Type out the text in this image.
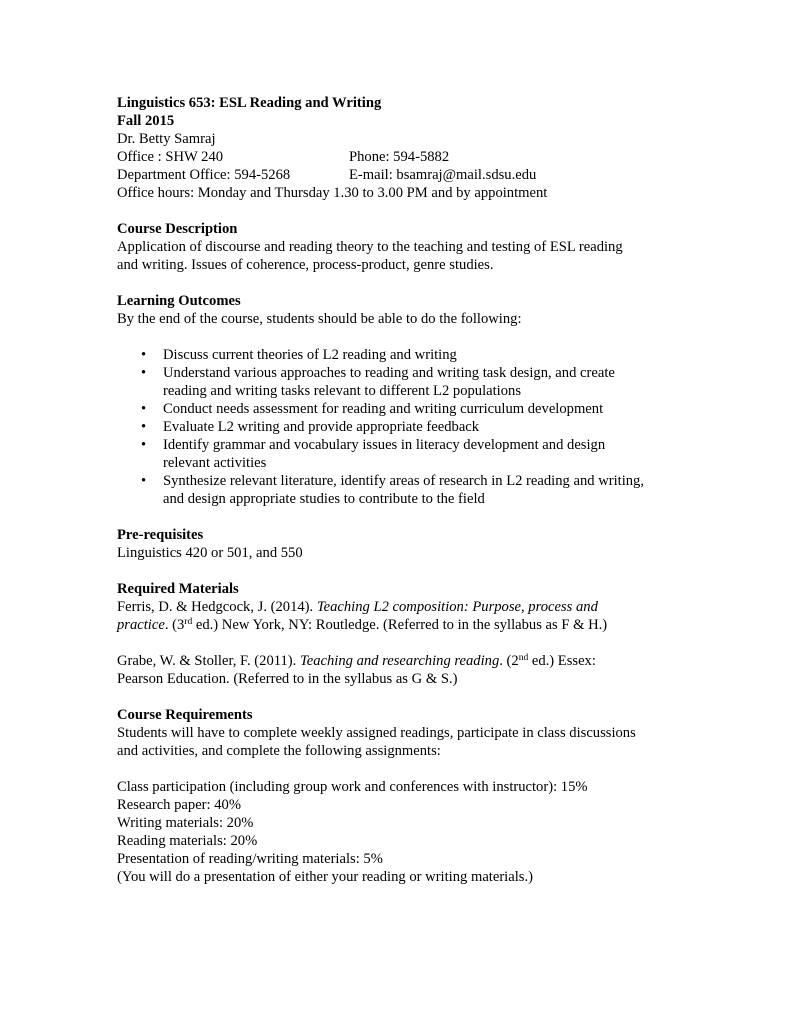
Linguistics 653: ESL Reading and Writing
Fall 2015
Dr. Betty Samraj
Office : SHW 240	Phone: 594-5882
Department Office: 594-5268	E-mail: bsamraj@mail.sdsu.edu
Office hours: Monday and Thursday 1.30 to 3.00 PM and by appointment
Course Description
Application of discourse and reading theory to the teaching and testing of ESL reading
and writing. Issues of coherence, process-product, genre studies.
Learning Outcomes
By the end of the course, students should be able to do the following:
• Discuss current theories of L2 reading and writing
• Understand various approaches to reading and writing task design, and create
reading and writing tasks relevant to different L2 populations
• Conduct needs assessment for reading and writing curriculum development
• Evaluate L2 writing and provide appropriate feedback
• Identify grammar and vocabulary issues in literacy development and design
relevant activities
• Synthesize relevant literature, identify areas of research in L2 reading and writing,
and design appropriate studies to contribute to the field
Pre-requisites
Linguistics 420 or 501, and 550
Required Materials
Ferris, D. & Hedgcock, J. (2014). Teaching L2 composition: Purpose, process and
practice. (3rd ed.) New York, NY: Routledge. (Referred to in the syllabus as F & H.)
Grabe, W. & Stoller, F. (2011). Teaching and researching reading. (2nd ed.) Essex:
Pearson Education. (Referred to in the syllabus as G & S.)
Course Requirements
Students will have to complete weekly assigned readings, participate in class discussions
and activities, and complete the following assignments:
Class participation (including group work and conferences with instructor): 15%
Research paper: 40%
Writing materials: 20%
Reading materials: 20%
Presentation of reading/writing materials: 5%
(You will do a presentation of either your reading or writing materials.)
